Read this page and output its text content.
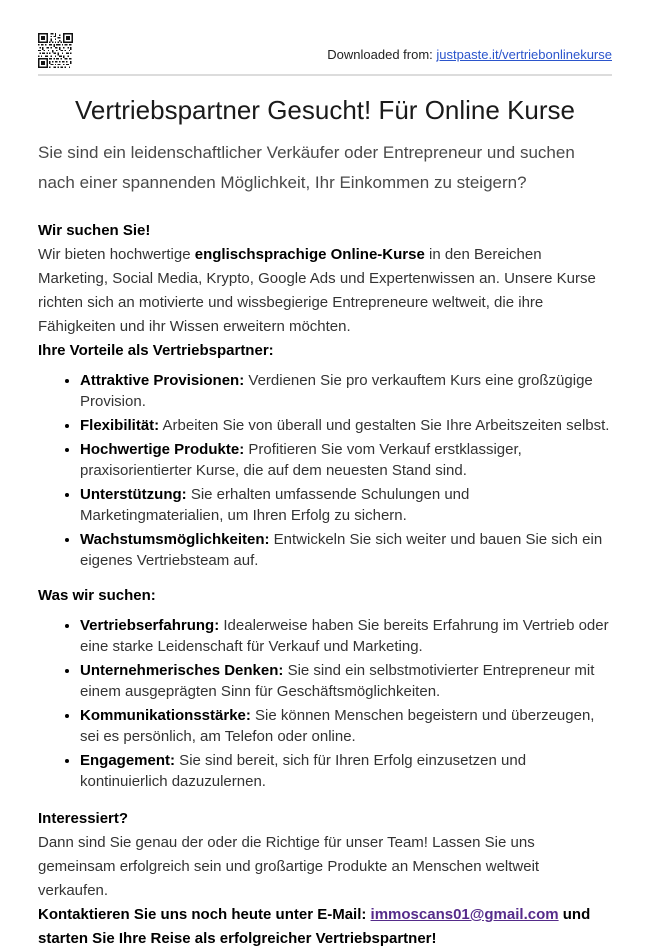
Downloaded from: justpaste.it/vertriebonlinekurse
Vertriebspartner Gesucht! Für Online Kurse

Sie sind ein leidenschaftlicher Verkäufer oder Entrepreneur und suchen nach einer spannenden Möglichkeit, Ihr Einkommen zu steigern?

Wir suchen Sie!

Wir bieten hochwertige englischsprachige Online-Kurse in den Bereichen Marketing, Social Media, Krypto, Google Ads und Expertenwissen an. Unsere Kurse richten sich an motivierte und wissbegierige Entrepreneure weltweit, die ihre Fähigkeiten und ihr Wissen erweitern möchten.

Ihre Vorteile als Vertriebspartner:

• Attraktive Provisionen: Verdienen Sie pro verkauftem Kurs eine großzügige Provision.
• Flexibilität: Arbeiten Sie von überall und gestalten Sie Ihre Arbeitszeiten selbst.
• Hochwertige Produkte: Profitieren Sie vom Verkauf erstklassiger, praxisorientierter Kurse, die auf dem neuesten Stand sind.
• Unterstützung: Sie erhalten umfassende Schulungen und Marketingmaterialien, um Ihren Erfolg zu sichern.
• Wachstumsmöglichkeiten: Entwickeln Sie sich weiter und bauen Sie sich ein eigenes Vertriebsteam auf.

Was wir suchen:

• Vertriebserfahrung: Idealerweise haben Sie bereits Erfahrung im Vertrieb oder eine starke Leidenschaft für Verkauf und Marketing.
• Unternehmerisches Denken: Sie sind ein selbstmotivierter Entrepreneur mit einem ausgeprägten Sinn für Geschäftsmöglichkeiten.
• Kommunikationsstärke: Sie können Menschen begeistern und überzeugen, sei es persönlich, am Telefon oder online.
• Engagement: Sie sind bereit, sich für Ihren Erfolg einzusetzen und kontinuierlich dazuzulernen.

Interessiert?

Dann sind Sie genau der oder die Richtige für unser Team! Lassen Sie uns gemeinsam erfolgreich sein und großartige Produkte an Menschen weltweit verkaufen.

Kontaktieren Sie uns noch heute unter E-Mail: immoscans01@gmail.com und starten Sie Ihre Reise als erfolgreicher Vertriebspartner!
